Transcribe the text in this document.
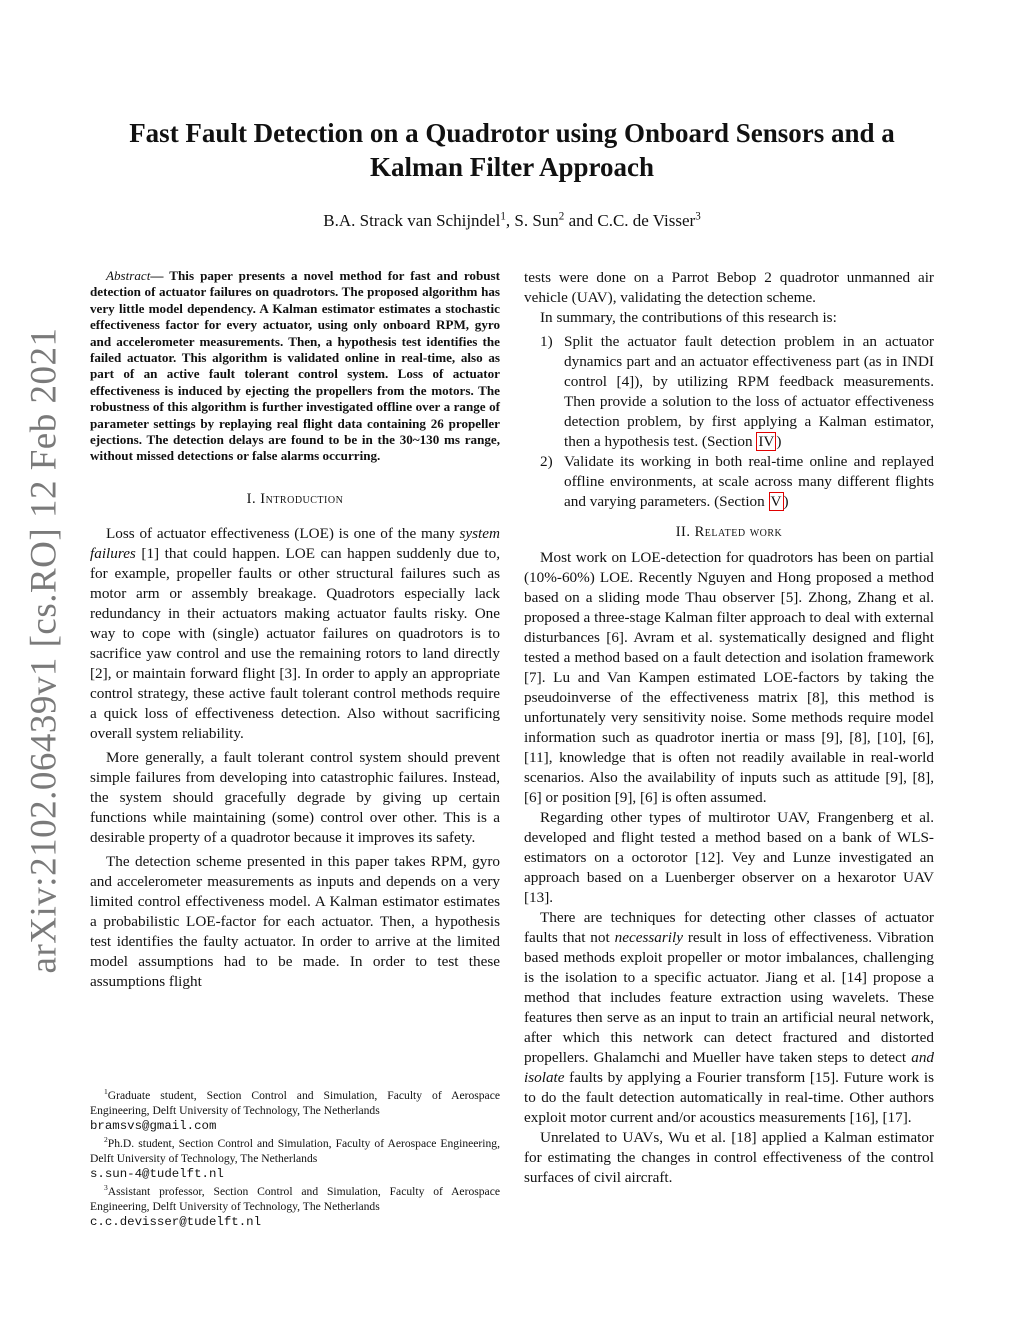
arXiv:2102.06439v1 [cs.RO] 12 Feb 2021
Fast Fault Detection on a Quadrotor using Onboard Sensors and a Kalman Filter Approach
B.A. Strack van Schijndel$^1$, S. Sun$^2$ and C.C. de Visser$^3$

Abstract— This paper presents a novel method for fast and robust detection of actuator failures on quadrotors. The proposed algorithm has very little model dependency. A Kalman estimator estimates a stochastic effectiveness factor for every actuator, using only onboard RPM, gyro and accelerometer measurements. Then, a hypothesis test identifies the failed actuator. This algorithm is validated online in real-time, also as part of an active fault tolerant control system. Loss of actuator effectiveness is induced by ejecting the propellers from the motors. The robustness of this algorithm is further investigated offline over a range of parameter settings by replaying real flight data containing 26 propeller ejections. The detection delays are found to be in the 30~130 ms range, without missed detections or false alarms occurring.

I. Introduction

Loss of actuator effectiveness (LOE) is one of the many system failures [1] that could happen. LOE can happen suddenly due to, for example, propeller faults or other structural failures such as motor arm or assembly breakage. Quadrotors especially lack redundancy in their actuators making actuator faults risky. One way to cope with (single) actuator failures on quadrotors is to sacrifice yaw control and use the remaining rotors to land directly [2], or maintain forward flight [3]. In order to apply an appropriate control strategy, these active fault tolerant control methods require a quick loss of effectiveness detection. Also without sacrificing overall system reliability.

More generally, a fault tolerant control system should prevent simple failures from developing into catastrophic failures. Instead, the system should gracefully degrade by giving up certain functions while maintaining (some) control over other. This is a desirable property of a quadrotor because it improves its safety.

The detection scheme presented in this paper takes RPM, gyro and accelerometer measurements as inputs and depends on a very limited control effectiveness model. A Kalman estimator estimates a probabilistic LOE-factor for each actuator. Then, a hypothesis test identifies the faulty actuator. In order to arrive at the limited model assumptions had to be made. In order to test these assumptions flight

$^1$Graduate student, Section Control and Simulation, Faculty of Aerospace Engineering, Delft University of Technology, The Netherlands
bramsvs@gmail.com

$^2$Ph.D. student, Section Control and Simulation, Faculty of Aerospace Engineering, Delft University of Technology, The Netherlands
s.sun-4@tudelft.nl

$^3$Assistant professor, Section Control and Simulation, Faculty of Aerospace Engineering, Delft University of Technology, The Netherlands
c.c.devisser@tudelft.nl

tests were done on a Parrot Bebop 2 quadrotor unmanned air vehicle (UAV), validating the detection scheme.

In summary, the contributions of this research is:

1) Split the actuator fault detection problem in an actuator dynamics part and an actuator effectiveness part (as in INDI control [4]), by utilizing RPM feedback measurements. Then provide a solution to the loss of actuator effectiveness detection problem, by first applying a Kalman estimator, then a hypothesis test. (Section IV )
2) Validate its working in both real-time online and replayed offline environments, at scale across many different flights and varying parameters. (Section V )
II. Related work

Most work on LOE-detection for quadrotors has been on partial (10%-60%) LOE. Recently Nguyen and Hong proposed a method based on a sliding mode Thau observer [5]. Zhong, Zhang et al. proposed a three-stage Kalman filter approach to deal with external disturbances [6]. Avram et al. systematically designed and flight tested a method based on a fault detection and isolation framework [7]. Lu and Van Kampen estimated LOE-factors by taking the pseudoinverse of the effectiveness matrix [8], this method is unfortunately very sensitivity noise. Some methods require model information such as quadrotor inertia or mass [9], [8], [10], [6], [11], knowledge that is often not readily available in real-world scenarios. Also the availability of inputs such as attitude [9], [8], [6] or position [9], [6] is often assumed.

Regarding other types of multirotor UAV, Frangenberg et al. developed and flight tested a method based on a bank of WLS-estimators on a octorotor [12]. Vey and Lunze investigated an approach based on a Luenberger observer on a hexarotor UAV [13].

There are techniques for detecting other classes of actuator faults that not necessarily result in loss of effectiveness. Vibration based methods exploit propeller or motor imbalances, challenging is the isolation to a specific actuator. Jiang et al. [14] propose a method that includes feature extraction using wavelets. These features then serve as an input to train an artificial neural network, after which this network can detect fractured and distorted propellers. Ghalamchi and Mueller have taken steps to detect and isolate faults by applying a Fourier transform [15]. Future work is to do the fault detection automatically in real-time. Other authors exploit motor current and/or acoustics measurements [16], [17].

Unrelated to UAVs, Wu et al. [18] applied a Kalman estimator for estimating the changes in control effectiveness of the control surfaces of civil aircraft.
